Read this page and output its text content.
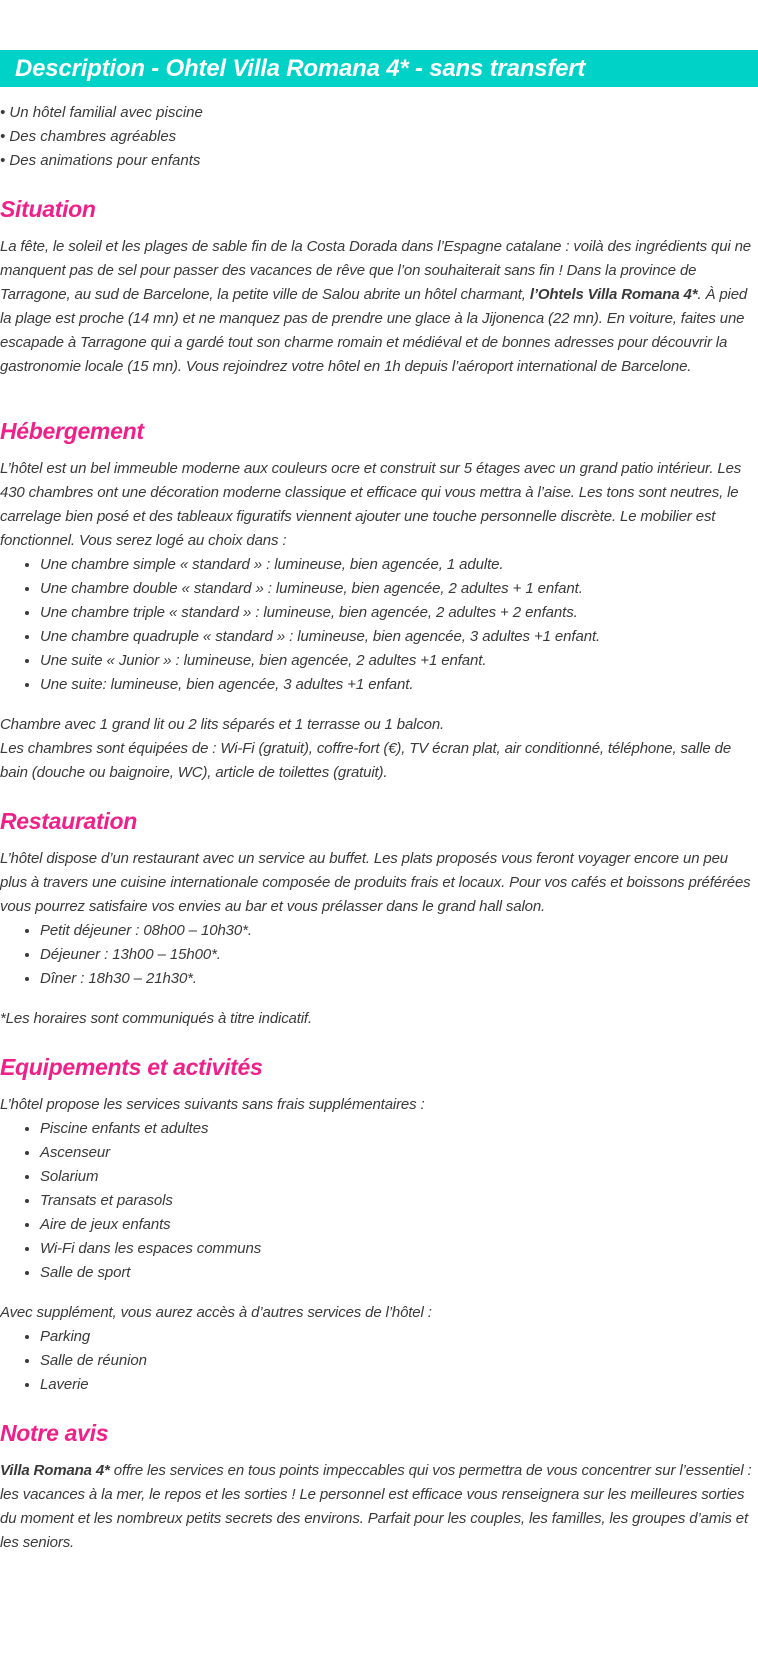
Description - Ohtel Villa Romana 4* - sans transfert
• Un hôtel familial avec piscine
• Des chambres agréables
• Des animations pour enfants
Situation

La fête, le soleil et les plages de sable fin de la Costa Dorada dans l’Espagne catalane : voilà des ingrédients qui ne manquent pas de sel pour passer des vacances de rêve que l’on souhaiterait sans fin ! Dans la province de Tarragone, au sud de Barcelone, la petite ville de Salou abrite un hôtel charmant, l’Ohtels Villa Romana 4*. À pied la plage est proche (14 mn) et ne manquez pas de prendre une glace à la Jijonenca (22 mn). En voiture, faites une escapade à Tarragone qui a gardé tout son charme romain et médiéval et de bonnes adresses pour découvrir la gastronomie locale (15 mn). Vous rejoindrez votre hôtel en 1h depuis l’aéroport international de Barcelone.

Hébergement

L’hôtel est un bel immeuble moderne aux couleurs ocre et construit sur 5 étages avec un grand patio intérieur. Les 430 chambres ont une décoration moderne classique et efficace qui vous mettra à l’aise. Les tons sont neutres, le carrelage bien posé et des tableaux figuratifs viennent ajouter une touche personnelle discrète. Le mobilier est fonctionnel. Vous serez logé au choix dans :

• Une chambre simple « standard » : lumineuse, bien agencée, 1 adulte.
• Une chambre double « standard » : lumineuse, bien agencée, 2 adultes + 1 enfant.
• Une chambre triple « standard » : lumineuse, bien agencée, 2 adultes + 2 enfants.
• Une chambre quadruple « standard » : lumineuse, bien agencée, 3 adultes +1 enfant.
• Une suite « Junior » : lumineuse, bien agencée, 2 adultes +1 enfant.
• Une suite: lumineuse, bien agencée, 3 adultes +1 enfant.

Chambre avec 1 grand lit ou 2 lits séparés et 1 terrasse ou 1 balcon.

Les chambres sont équipées de : Wi-Fi (gratuit), coffre-fort (€), TV écran plat, air conditionné, téléphone, salle de bain (douche ou baignoire, WC), article de toilettes (gratuit).

Restauration

L’hôtel dispose d’un restaurant avec un service au buffet. Les plats proposés vous feront voyager encore un peu plus à travers une cuisine internationale composée de produits frais et locaux. Pour vos cafés et boissons préférées vous pourrez satisfaire vos envies au bar et vous prélasser dans le grand hall salon.

• Petit déjeuner : 08h00 – 10h30*.
• Déjeuner : 13h00 – 15h00*.
• Dîner : 18h30 – 21h30*.

*Les horaires sont communiqués à titre indicatif.

Equipements et activités

L’hôtel propose les services suivants sans frais supplémentaires :

• Piscine enfants et adultes
• Ascenseur
• Solarium
• Transats et parasols
• Aire de jeux enfants
• Wi-Fi dans les espaces communs
• Salle de sport

Avec supplément, vous aurez accès à d’autres services de l’hôtel :

• Parking
• Salle de réunion
• Laverie
Notre avis

Villa Romana 4* offre les services en tous points impeccables qui vos permettra de vous concentrer sur l’essentiel : les vacances à la mer, le repos et les sorties ! Le personnel est efficace vous renseignera sur les meilleures sorties du moment et les nombreux petits secrets des environs. Parfait pour les couples, les familles, les groupes d’amis et les seniors.
